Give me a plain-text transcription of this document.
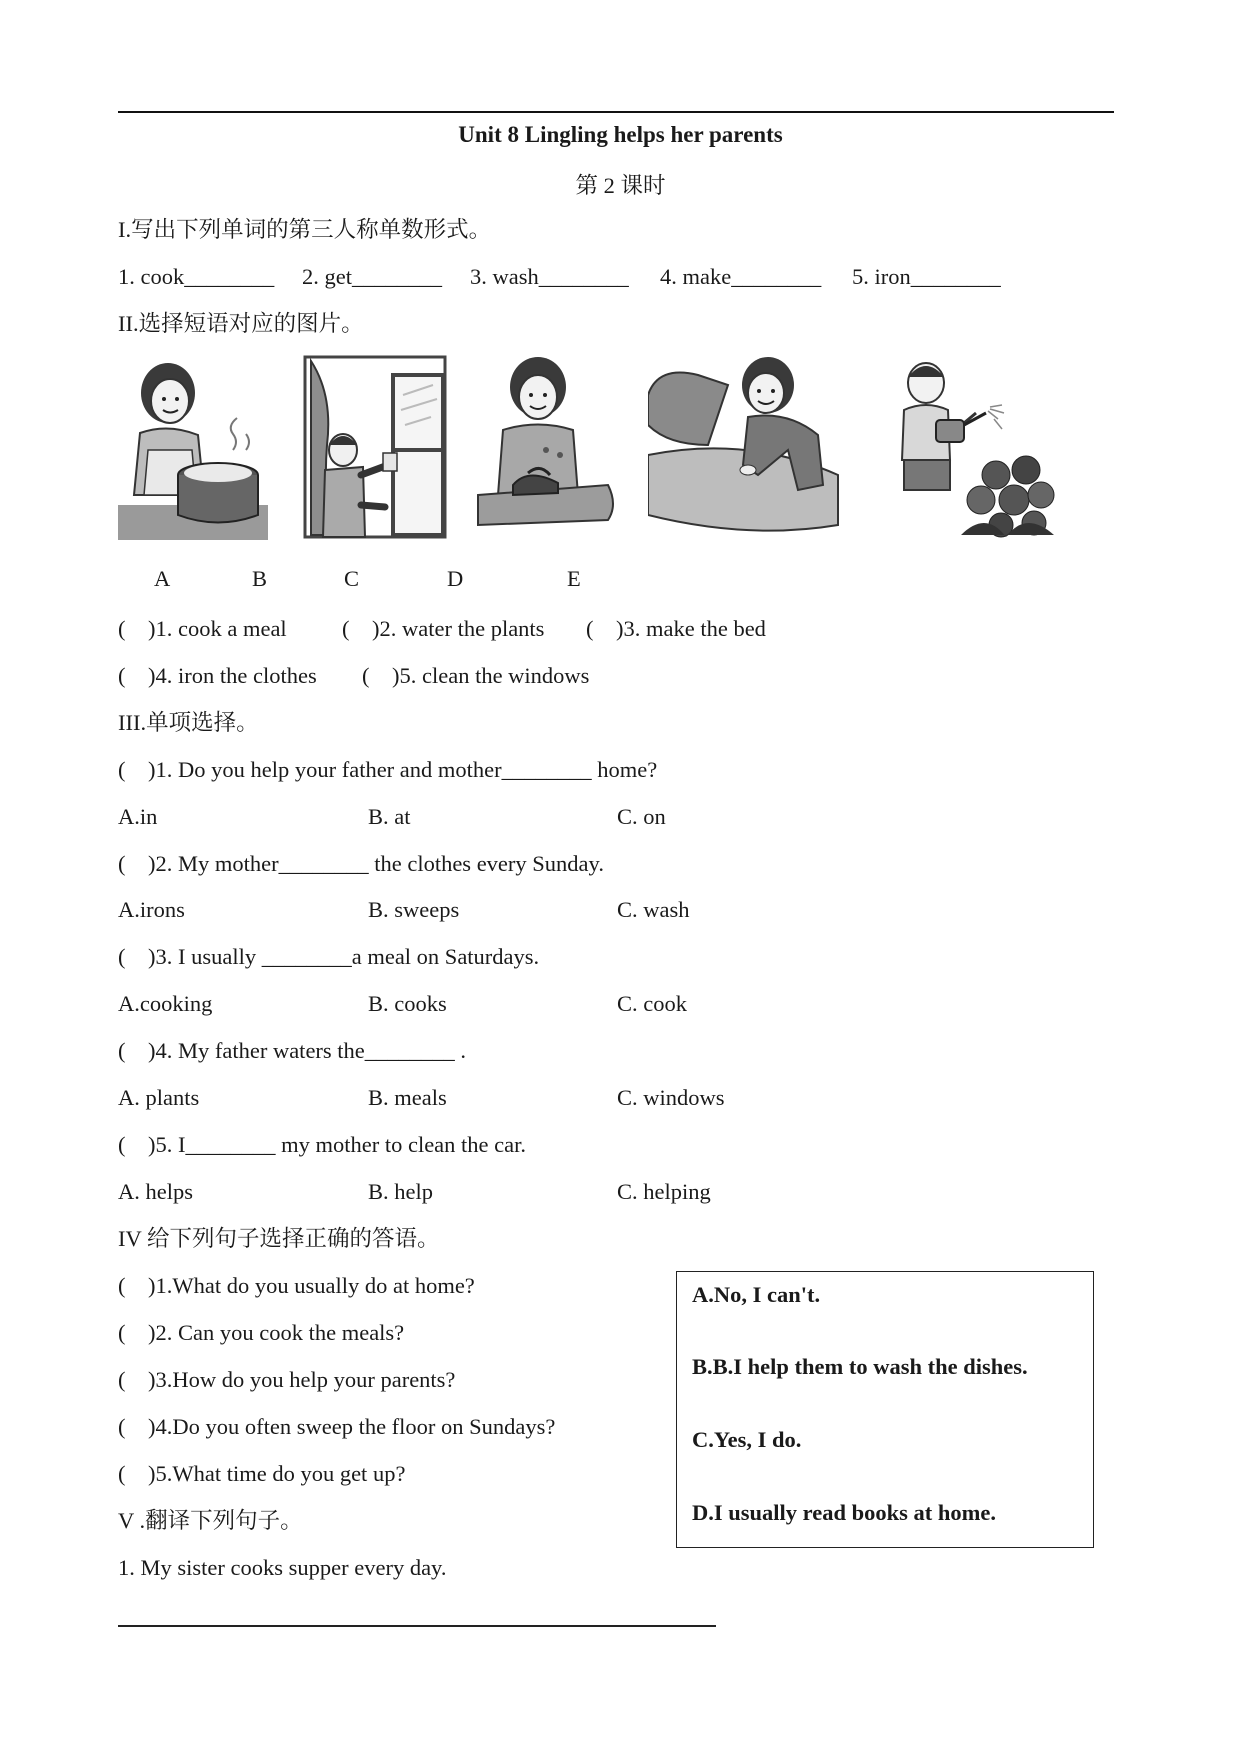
Unit 8 Lingling helps her parents
第 2 课时
I.写出下列单词的第三人称单数形式。
1. cook________ 2. get________ 3. wash________ 4. make________ 5. iron________
II.选择短语对应的图片。
A	B	C	D	E
(    )1. cook a meal (    )2. water the plants (    )3. make the bed
(    )4. iron the clothes (    )5. clean the windows
III.单项选择。
(    )1. Do you help your father and mother________ home?
A.in	B. at	C. on
(    )2. My mother________ the clothes every Sunday.
A.irons	B. sweeps	C. wash
(    )3. I usually ________a meal on Saturdays.
A.cooking	B. cooks	C. cook
(    )4. My father waters the________ .
A. plants	B. meals	C. windows
(    )5. I________ my mother to clean the car.
A. helps	B. help	C. helping
IV 给下列句子选择正确的答语。
(    )1.What do you usually do at home?
(    )2. Can you cook the meals?
(    )3.How do you help your parents?
(    )4.Do you often sweep the floor on Sundays?
(    )5.What time do you get up?
A.No, I can't.
B.B.I help them to wash the dishes.
C.Yes, I do.
D.I usually read books at home.
V .翻译下列句子。
1. My sister cooks supper every day.
